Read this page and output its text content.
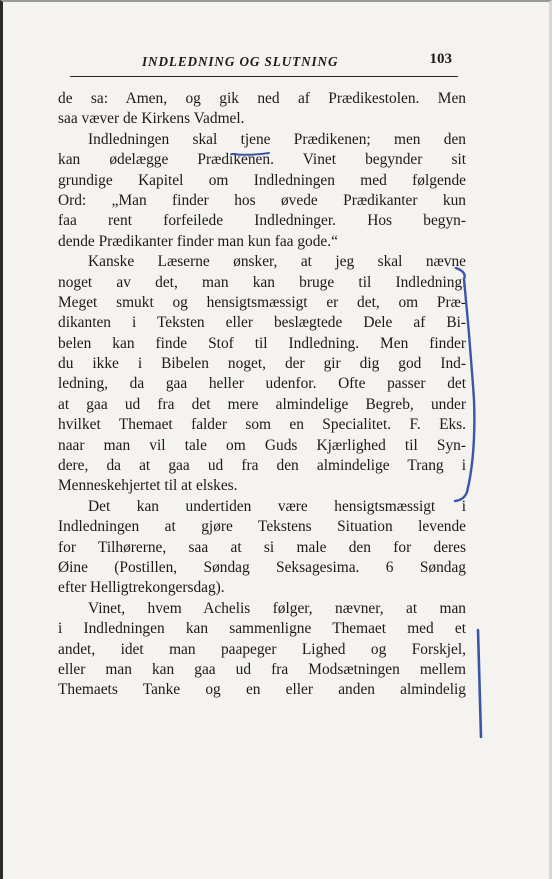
INDLEDNING OG SLUTNING	103
de sa: Amen, og gik ned af Prædikestolen. Men
saa væver de Kirkens Vadmel.
Indledningen skal tjene Prædikenen; men den
kan ødelægge Prædikenen. Vinet begynder sit
grundige Kapitel om Indledningen med følgende
Ord: „Man finder hos øvede Prædikanter kun
faa rent forfeilede Indledninger. Hos begyn-
dende Prædikanter finder man kun faa gode.“
Kanske Læserne ønsker, at jeg skal nævne
noget av det, man kan bruge til Indledning.
Meget smukt og hensigtsmæssigt er det, om Præ-
dikanten i Teksten eller beslægtede Dele af Bi-
belen kan finde Stof til Indledning. Men finder
du ikke i Bibelen noget, der gir dig god Ind-
ledning, da gaa heller udenfor. Ofte passer det
at gaa ud fra det mere almindelige Begreb, under
hvilket Themaet falder som en Specialitet. F. Eks.
naar man vil tale om Guds Kjærlighed til Syn-
dere, da at gaa ud fra den almindelige Trang i
Menneskehjertet til at elskes.
Det kan undertiden være hensigtsmæssigt i
Indledningen at gjøre Tekstens Situation levende
for Tilhørerne, saa at si male den for deres
Øine (Postillen, Søndag Seksagesima. 6 Søndag
efter Helligtrekongersdag).
Vinet, hvem Achelis følger, nævner, at man
i Indledningen kan sammenligne Themaet med et
andet, idet man paapeger Lighed og Forskjel,
eller man kan gaa ud fra Modsætningen mellem
Themaets Tanke og en eller anden almindelig
